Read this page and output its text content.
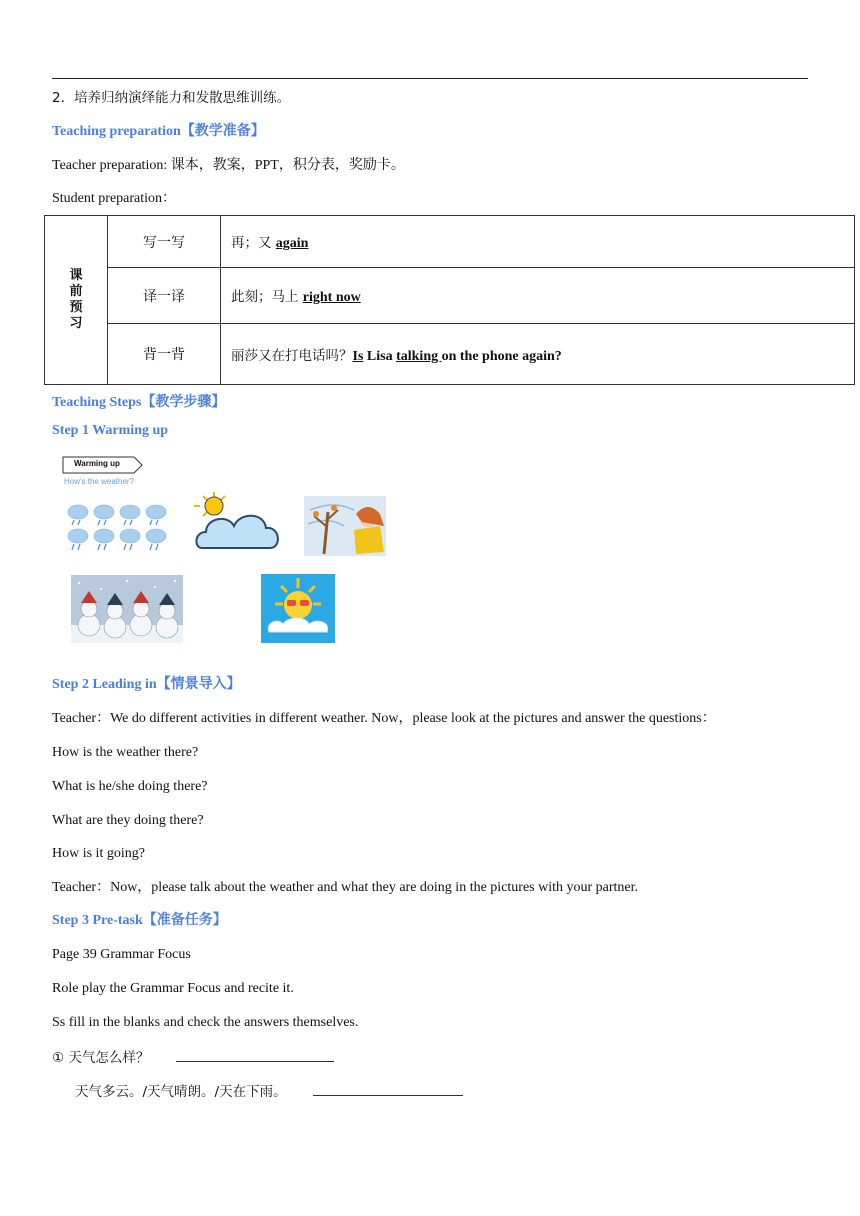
2．培养归纳演绎能力和发散思维训练。
Teaching preparation【教学准备】
Teacher preparation: 课本，教案，PPT，积分表，奖励卡。
Student preparation：
课前预习	写一写	再；又 again
	译一译	此刻；马上 right now
	背一背	丽莎又在打电话吗？Is Lisa talking on the phone again?
Teaching Steps【教学步骤】
Step 1 Warming up
Warming up
How's the weather?
Step 2 Leading in【情景导入】
Teacher：We do different activities in different weather. Now，please look at the pictures and answer the questions：
How is the weather there?
What is he/she doing there?
What are they doing there?
How is it going?
Teacher：Now，please talk about the weather and what they are doing in the pictures with your partner.
Step 3 Pre-task【准备任务】
Page 39 Grammar Focus
Role play the Grammar Focus and recite it.
Ss fill in the blanks and check the answers themselves.
① 天气怎么样？
天气多云。/天气晴朗。/天在下雨。
